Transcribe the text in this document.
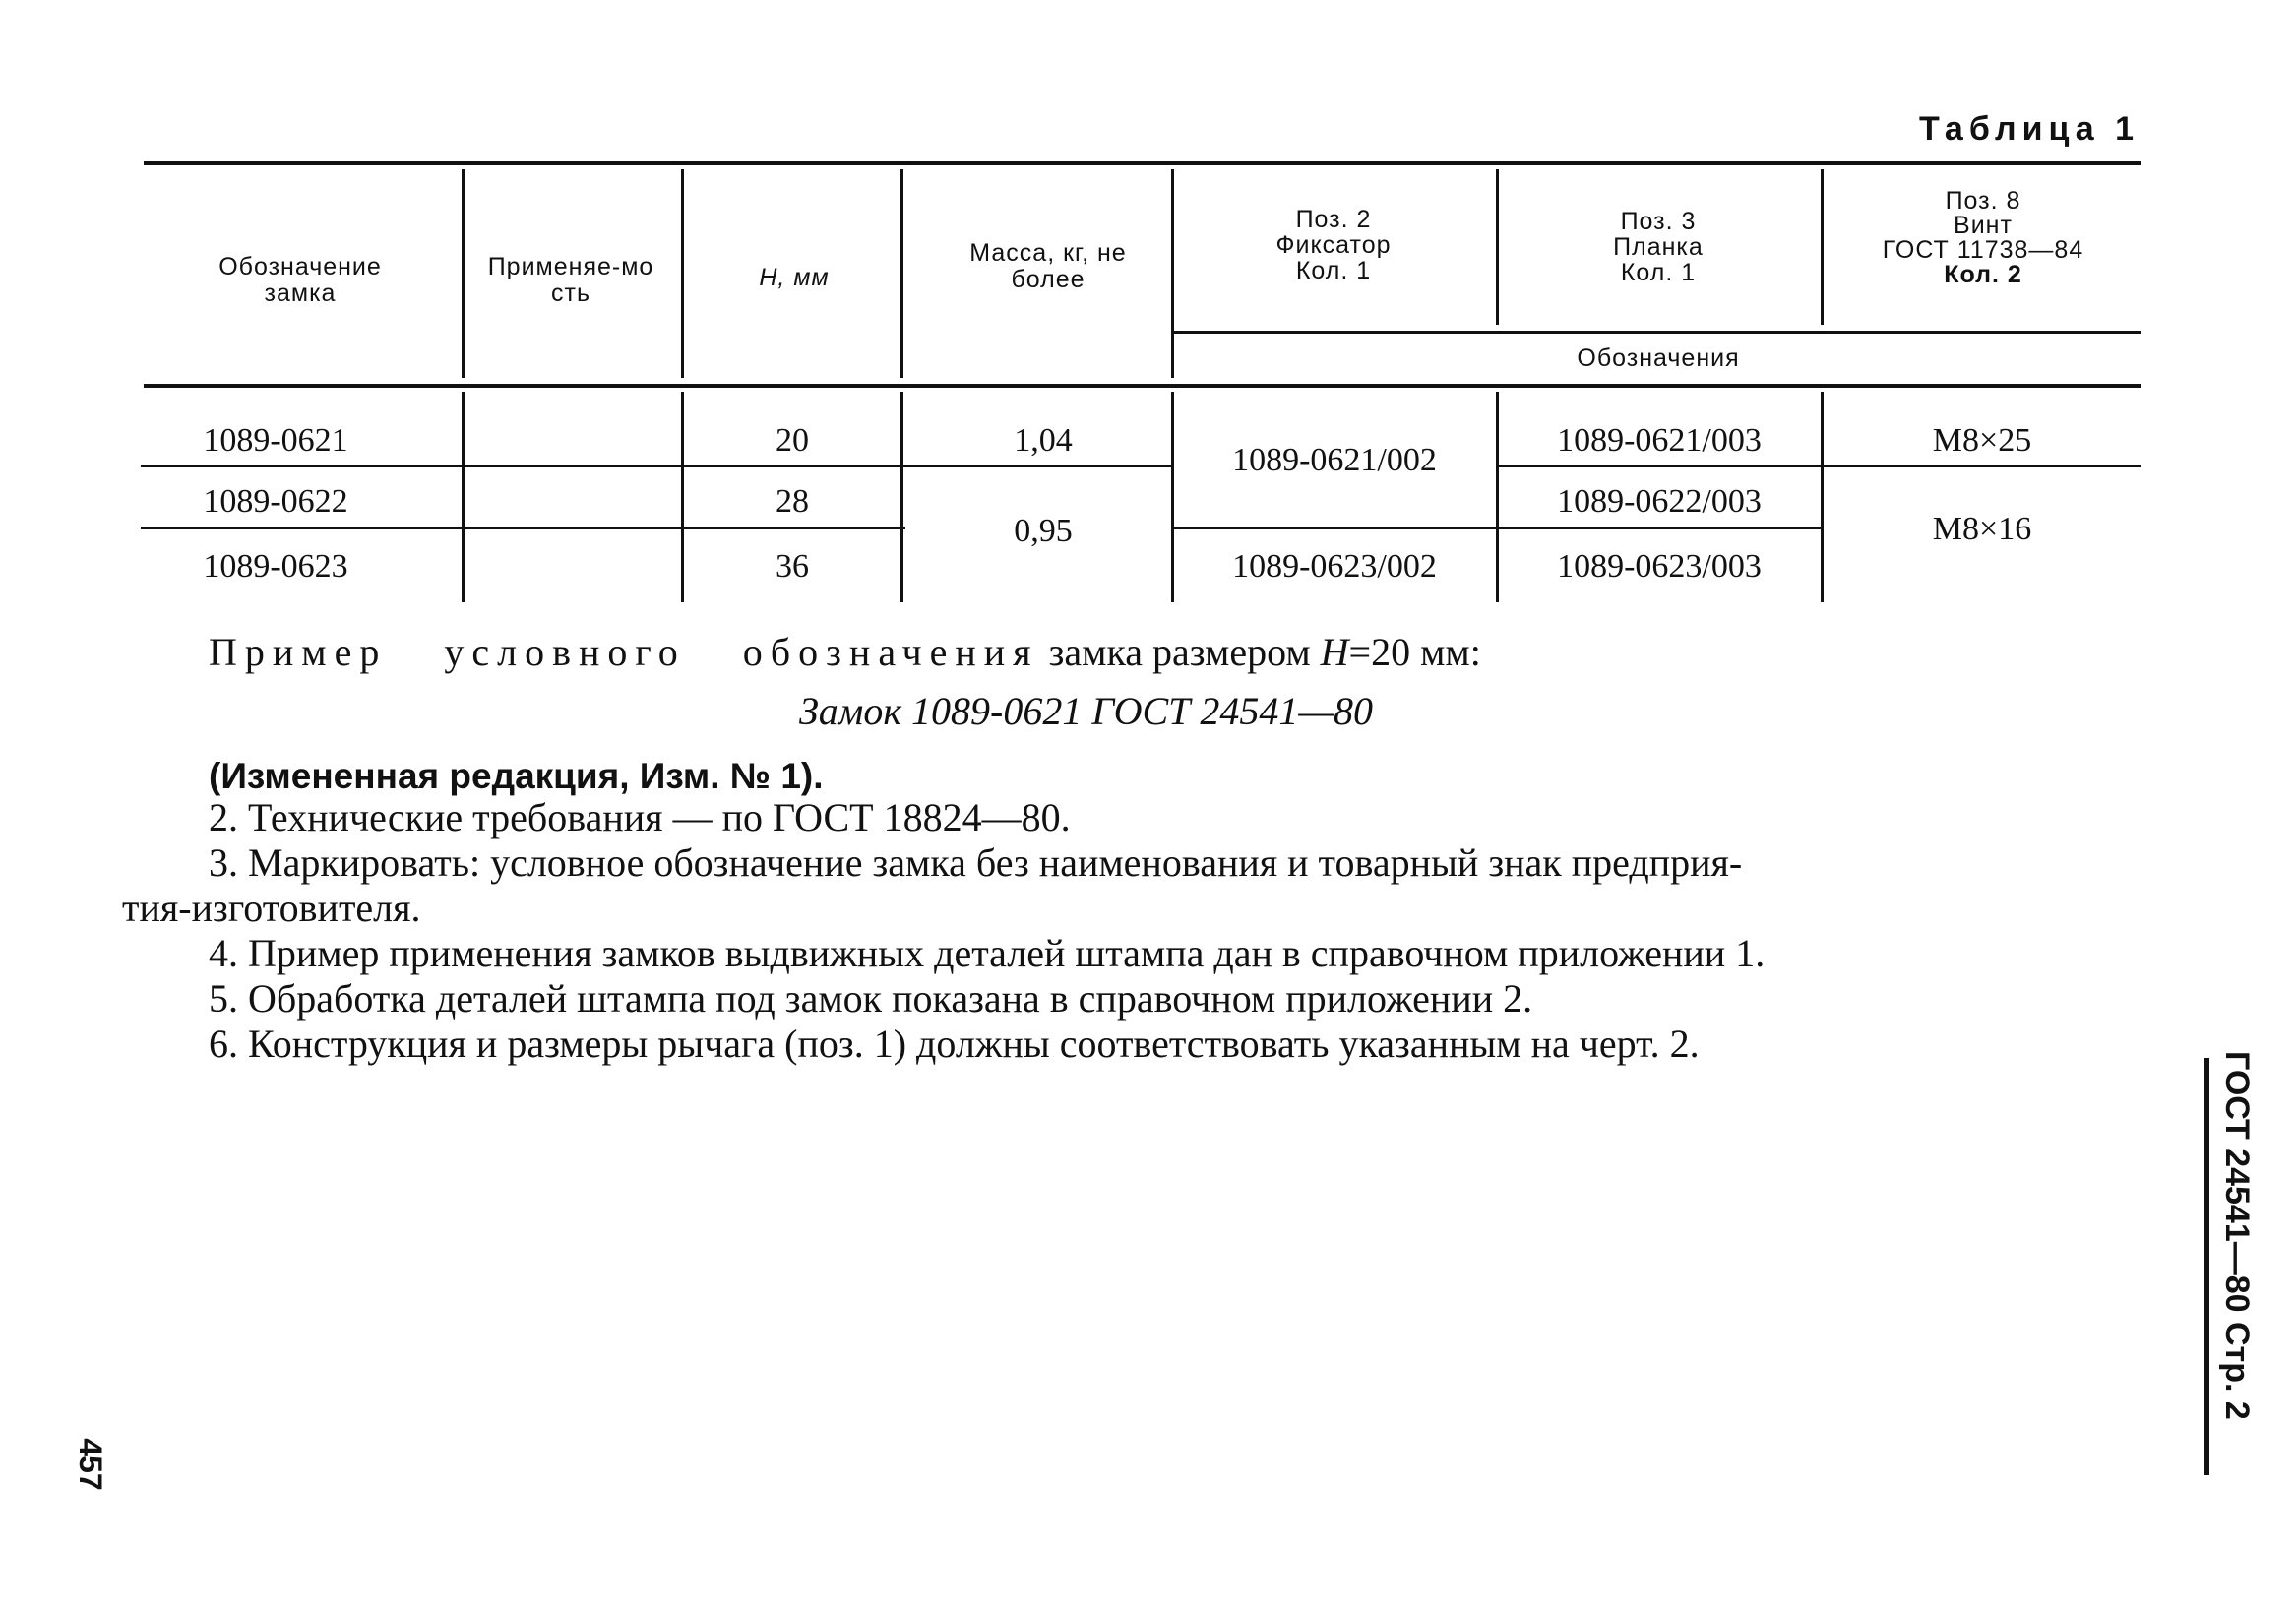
Таблица 1
Обозначение замка
Применяе-мость
H, мм
Масса, кг, не более
Поз. 2
Фиксатор
Кол. 1
Поз. 3
Планка
Кол. 1
Поз. 8
Винт
ГОСТ 11738—84
Кол. 2
Обозначения
1089-0621
1089-0622
1089-0623
20
28
36
1,04
0,95
1089-0621/002
1089-0623/002
1089-0621/003
1089-0622/003
1089-0623/003
M8×25
M8×16
Пример условного обозначения замка размером H=20 мм:
Замок 1089-0621 ГОСТ 24541—80
(Измененная редакция, Изм. № 1).
2. Технические требования — по ГОСТ 18824—80.
3. Маркировать: условное обозначение замка без наименования и товарный знак предприя-
тия-изготовителя.
4. Пример применения замков выдвижных деталей штампа дан в справочном приложении 1.
5. Обработка деталей штампа под замок показана в справочном приложении 2.
6. Конструкция и размеры рычага (поз. 1) должны соответствовать указанным на черт. 2.
ГОСТ 24541—80 Стр. 2
457
